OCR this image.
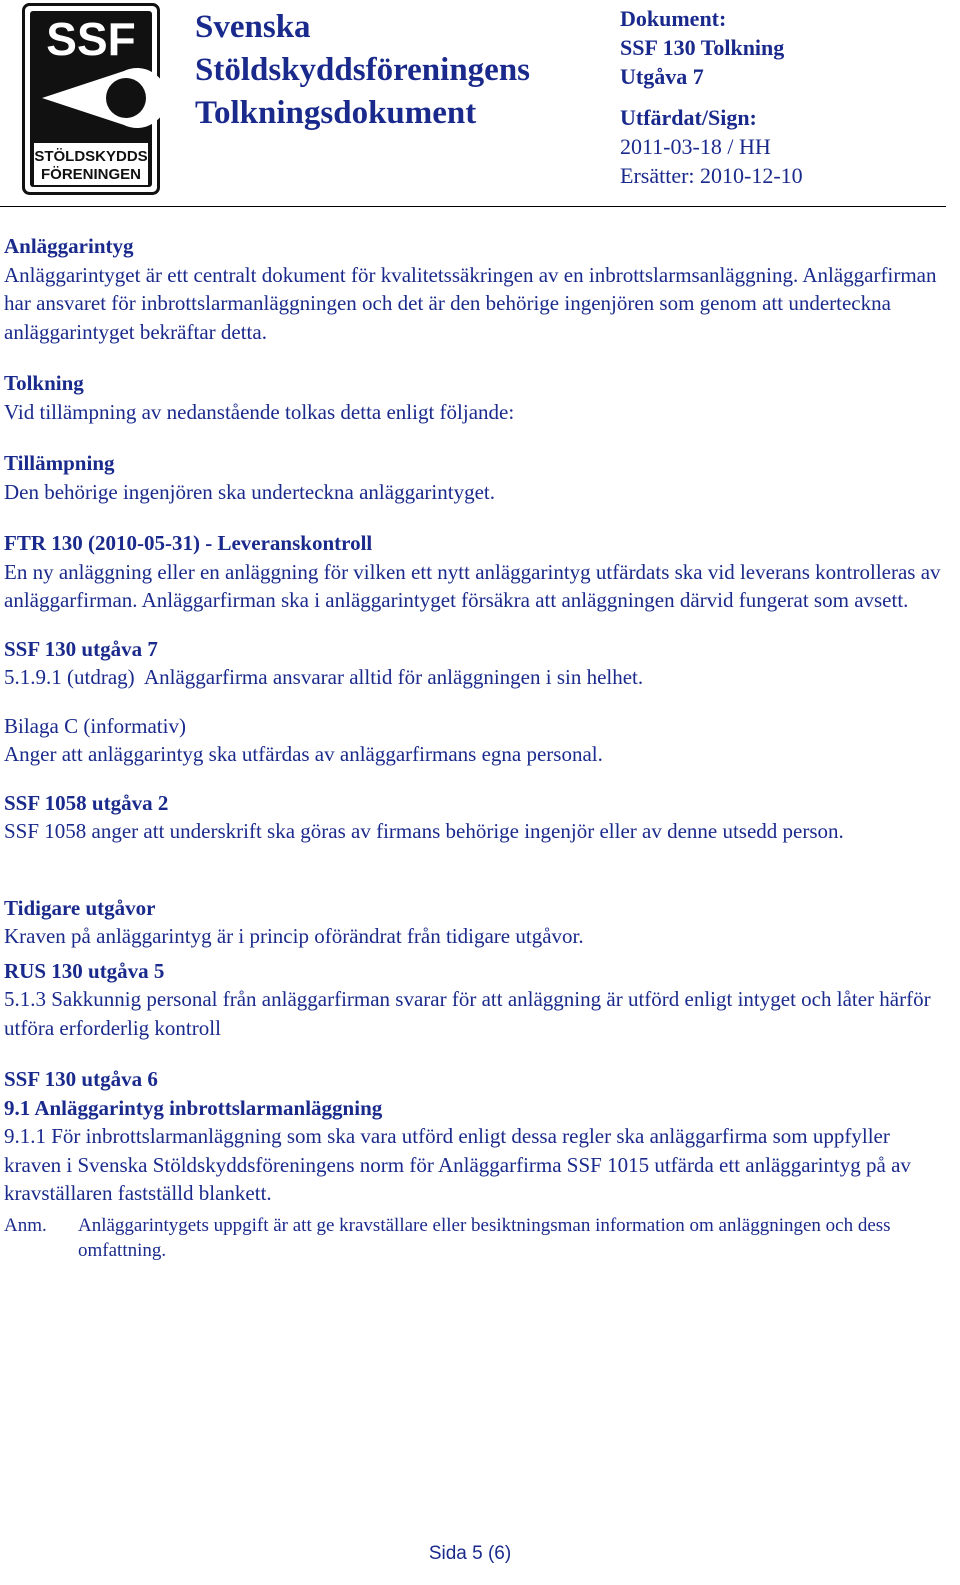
SSF
STÖLDSKYDDS
FÖRENINGEN
Svenska
Stöldskyddsföreningens
Tolkningsdokument
Dokument:
SSF 130 Tolkning
Utgåva 7
Utfärdat/Sign:
2011-03-18 / HH
Ersätter: 2010-12-10

Anläggarintyg

Anläggarintyget är ett centralt dokument för kvalitetssäkringen av en inbrottslarmsanläggning. Anläggarfirman har ansvaret för inbrottslarmanläggningen och det är den behörige ingenjören som genom att underteckna anläggarintyget bekräftar detta.

Tolkning

Vid tillämpning av nedanstående tolkas detta enligt följande:

Tillämpning

Den behörige ingenjören ska underteckna anläggarintyget.

FTR 130 (2010-05-31) - Leveranskontroll

En ny anläggning eller en anläggning för vilken ett nytt anläggarintyg utfärdats ska vid leverans kontrolleras av anläggarfirman. Anläggarfirman ska i anläggarintyget försäkra att anläggningen därvid fungerat som avsett.

SSF 130 utgåva 7

5.1.9.1 (utdrag)  Anläggarfirma ansvarar alltid för anläggningen i sin helhet.

Bilaga C (informativ)

Anger att anläggarintyg ska utfärdas av anläggarfirmans egna personal.

SSF 1058 utgåva 2

SSF 1058 anger att underskrift ska göras av firmans behörige ingenjör eller av denne utsedd person.

Tidigare utgåvor

Kraven på anläggarintyg är i princip oförändrat från tidigare utgåvor.

RUS 130 utgåva 5

5.1.3 Sakkunnig personal från anläggarfirman svarar för att anläggning är utförd enligt intyget och låter härför utföra erforderlig kontroll

SSF 130 utgåva 6

9.1 Anläggarintyg inbrottslarmanläggning

9.1.1 För inbrottslarmanläggning som ska vara utförd enligt dessa regler ska anläggarfirma som uppfyller kraven i Svenska Stöldskyddsföreningens norm för Anläggarfirma SSF 1015 utfärda ett anläggarintyg på av kravställaren fastställd blankett.

Anm.	Anläggarintygets uppgift är att ge kravställare eller besiktningsman information om anläggningen och dess omfattning.
Sida 5 (6)
